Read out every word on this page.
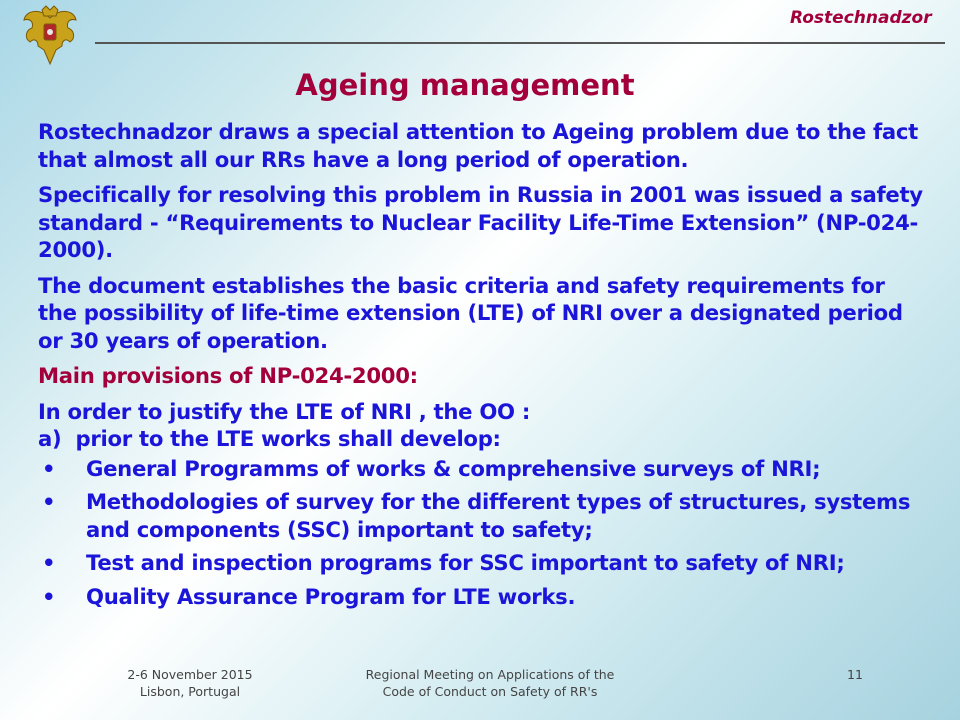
Rostechnadzor
Ageing management

Rostechnadzor draws a special attention to Ageing problem due to the fact that almost all our RRs have a long period of operation.

Specifically for resolving this problem in Russia in 2001 was issued a safety standard - “Requirements to Nuclear Facility Life-Time Extension” (NP-024-2000).

The document establishes the basic criteria and safety requirements for the possibility of life-time extension (LTE) of NRI over a designated period or 30 years of operation.

Main provisions of NP-024-2000:

In order to justify the LTE of NRI , the OO :

a)  prior to the LTE works shall develop:

• General Programms of works & comprehensive surveys of NRI;
• Methodologies of survey for the different types of structures, systems and components (SSC) important to safety;
• Test and inspection programs for SSC important to safety of NRI;
• Quality Assurance Program for LTE works.
2-6 November 2015
Lisbon, Portugal
Regional Meeting on Applications of the
Code of Conduct on Safety of RR's
11
